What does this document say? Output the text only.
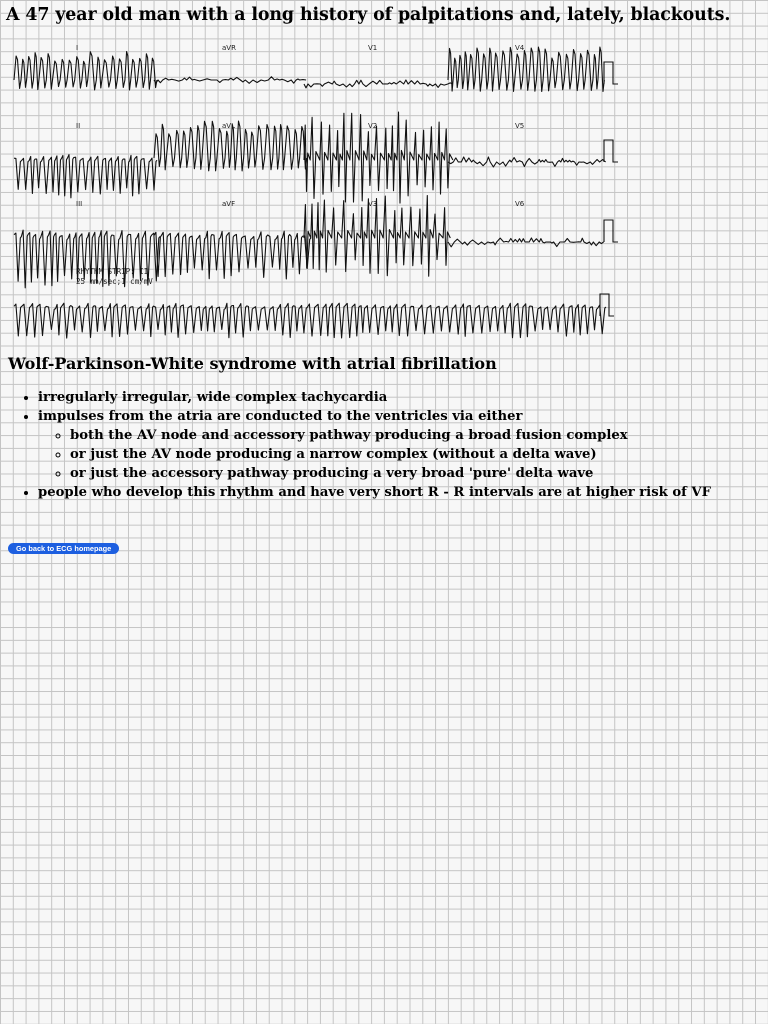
A 47 year old man with a long history of palpitations and, lately, blackouts.
I	aVR	V1	V4
II	aVL	V2	V5
III	aVF	V3	V6
RHYTHM STRIP: II
25 mm/sec;1 cm/mV
Wolf-Parkinson-White syndrome with atrial fibrillation
• irregularly irregular, wide complex tachycardia
• impulses from the atria are conducted to the ventricles via either
◦ both the AV node and accessory pathway producing a broad fusion complex
◦ or just the AV node producing a narrow complex (without a delta wave)
◦ or just the accessory pathway producing a very broad 'pure' delta wave
• people who develop this rhythm and have very short R - R intervals are at higher risk of VF
Go back to ECG homepage
